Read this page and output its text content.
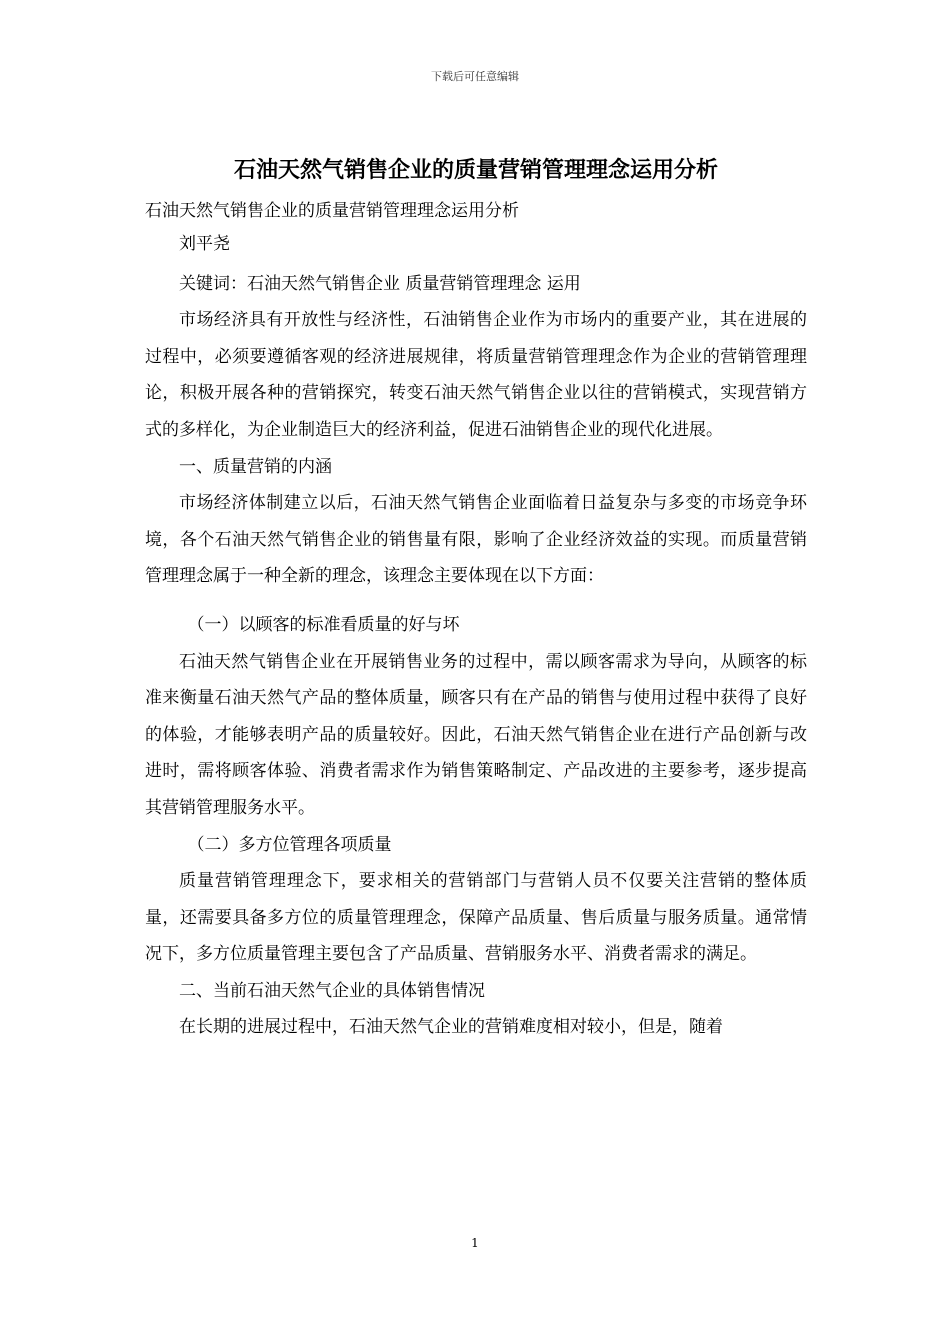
下载后可任意编辑
石油天然气销售企业的质量营销管理理念运用分析
石油天然气销售企业的质量营销管理理念运用分析

刘平尧

关键词：石油天然气销售企业 质量营销管理理念 运用

市场经济具有开放性与经济性，石油销售企业作为市场内的重要产业，其在进展的过程中，必须要遵循客观的经济进展规律，将质量营销管理理念作为企业的营销管理理论，积极开展各种的营销探究，转变石油天然气销售企业以往的营销模式，实现营销方式的多样化，为企业制造巨大的经济利益，促进石油销售企业的现代化进展。

一、质量营销的内涵

市场经济体制建立以后，石油天然气销售企业面临着日益复杂与多变的市场竞争环境，各个石油天然气销售企业的销售量有限，影响了企业经济效益的实现。而质量营销管理理念属于一种全新的理念，该理念主要体现在以下方面：

（一）以顾客的标准看质量的好与坏

石油天然气销售企业在开展销售业务的过程中，需以顾客需求为导向，从顾客的标准来衡量石油天然气产品的整体质量，顾客只有在产品的销售与使用过程中获得了良好的体验，才能够表明产品的质量较好。因此，石油天然气销售企业在进行产品创新与改进时，需将顾客体验、消费者需求作为销售策略制定、产品改进的主要参考，逐步提高其营销管理服务水平。

（二）多方位管理各项质量

质量营销管理理念下，要求相关的营销部门与营销人员不仅要关注营销的整体质量，还需要具备多方位的质量管理理念，保障产品质量、售后质量与服务质量。通常情况下，多方位质量管理主要包含了产品质量、营销服务水平、消费者需求的满足。

二、当前石油天然气企业的具体销售情况

在长期的进展过程中，石油天然气企业的营销难度相对较小，但是，随着

1
